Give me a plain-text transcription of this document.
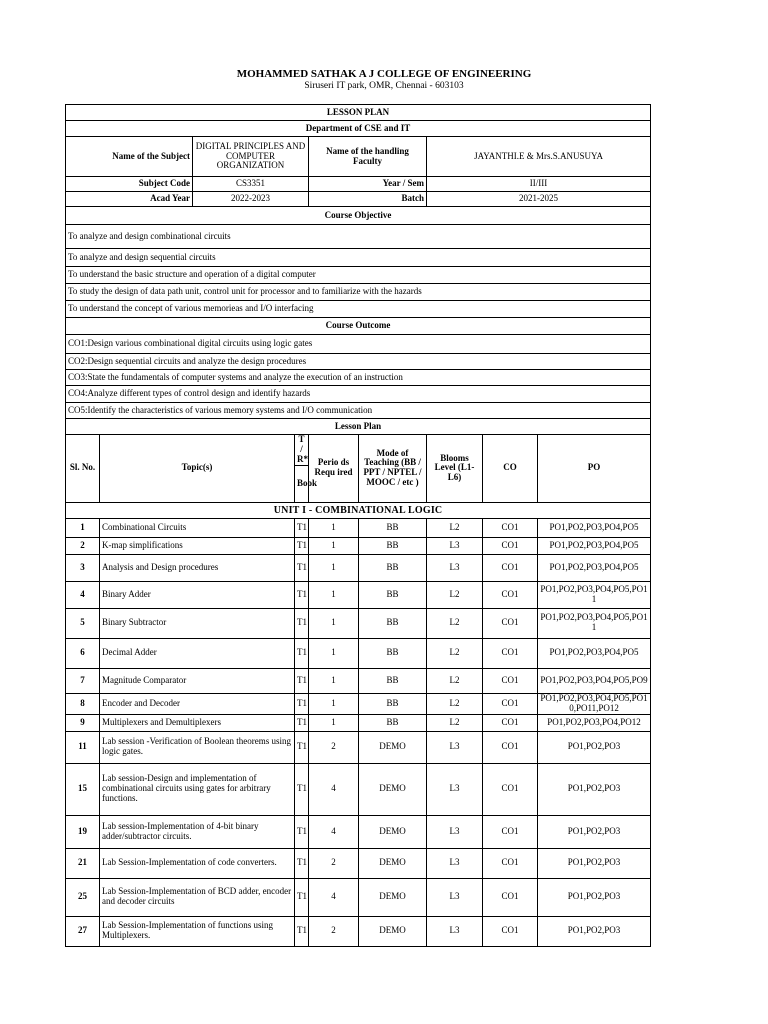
MOHAMMED SATHAK A J COLLEGE OF ENGINEERING
Siruseri IT park, OMR, Chennai - 603103
LESSON PLAN								
Department of CSE and IT								
Name of the Subject		DIGITAL PRINCIPLES AND COMPUTER ORGANIZATION		Name of the handling Faculty		JAYANTHI.E & Mrs.S.ANUSUYA		
Subject Code		CS3351		Year / Sem		II/III		
Acad Year		2022-2023		Batch		2021-2025		
Course Objective								
To analyze and design combinational circuits								
To analyze and design sequential circuits								
To understand the basic structure and operation of a digital computer								
To study the design of data path unit, control unit for processor and to familiarize with the hazards								
To understand the concept of various memorieas and I/O interfacing								
Course Outcome								
CO1:Design various combinational digital circuits using logic gates								
CO2:Design sequential circuits and analyze the design procedures								
CO3:State the fundamentals of computer systems and analyze the execution of an instruction								
CO4:Analyze different types of control design and identify hazards								
CO5:Identify the characteristics of various memory systems and I/O communication								
Lesson Plan								
Sl. No.	Topic(s)		T / R*	Perio ds Requ ired	Mode of Teaching (BB / PPT / NPTEL / MOOC / etc )	Blooms Level (L1-L6)	CO	PO
			Book					
UNIT I - COMBINATIONAL LOGIC								
1	Combinational Circuits		T1	1	BB	L2	CO1	PO1,PO2,PO3,PO4,PO5
2	K-map simplifications		T1	1	BB	L3	CO1	PO1,PO2,PO3,PO4,PO5
3	Analysis and Design procedures		T1	1	BB	L3	CO1	PO1,PO2,PO3,PO4,PO5
4	Binary Adder		T1	1	BB	L2	CO1	PO1,PO2,PO3,PO4,PO5,PO11
5	Binary Subtractor		T1	1	BB	L2	CO1	PO1,PO2,PO3,PO4,PO5,PO11
6	Decimal Adder		T1	1	BB	L2	CO1	PO1,PO2,PO3,PO4,PO5
7	Magnitude Comparator		T1	1	BB	L2	CO1	PO1,PO2,PO3,PO4,PO5,PO9
8	Encoder and Decoder		T1	1	BB	L2	CO1	PO1,PO2,PO3,PO4,PO5,PO10,PO11,PO12
9	Multiplexers and Demultiplexers		T1	1	BB	L2	CO1	PO1,PO2,PO3,PO4,PO12
11	Lab session -Verification of Boolean theorems using logic gates.		T1	2	DEMO	L3	CO1	PO1,PO2,PO3
15	Lab session-Design and implementation of combinational circuits using gates for arbitrary functions.		T1	4	DEMO	L3	CO1	PO1,PO2,PO3
19	Lab session-Implementation of 4-bit binary adder/subtractor circuits.		T1	4	DEMO	L3	CO1	PO1,PO2,PO3
21	Lab Session-Implementation of code converters.		T1	2	DEMO	L3	CO1	PO1,PO2,PO3
25	Lab Session-Implementation of BCD adder, encoder and decoder circuits		T1	4	DEMO	L3	CO1	PO1,PO2,PO3
27	Lab Session-Implementation of functions using Multiplexers.		T1	2	DEMO	L3	CO1	PO1,PO2,PO3
